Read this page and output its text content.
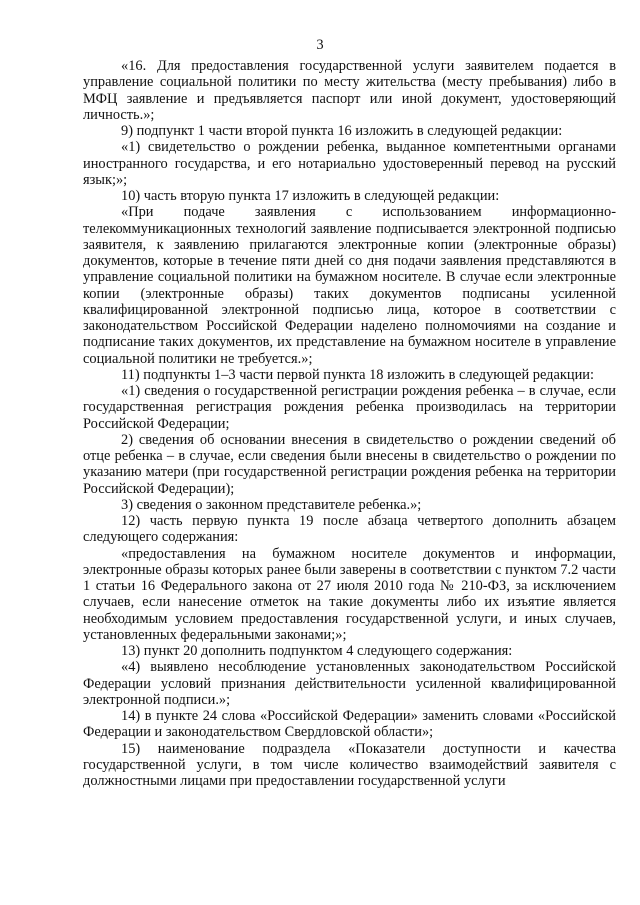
3

«16. Для предоставления государственной услуги заявителем подается в управление социальной политики по месту жительства (месту пребывания) либо в МФЦ заявление и предъявляется паспорт или иной документ, удостоверяющий личность.»;

9) подпункт 1 части второй пункта 16 изложить в следующей редакции:

«1) свидетельство о рождении ребенка, выданное компетентными органами иностранного государства, и его нотариально удостоверенный перевод на русский язык;»;

10) часть вторую пункта 17 изложить в следующей редакции:

«При подаче заявления с использованием информационно-телекоммуникационных технологий заявление подписывается электронной подписью заявителя, к заявлению прилагаются электронные копии (электронные образы) документов, которые в течение пяти дней со дня подачи заявления представляются в управление социальной политики на бумажном носителе. В случае если электронные копии (электронные образы) таких документов подписаны усиленной квалифицированной электронной подписью лица, которое в соответствии с законодательством Российской Федерации наделено полномочиями на создание и подписание таких документов, их представление на бумажном носителе в управление социальной политики не требуется.»;

11) подпункты 1–3 части первой пункта 18 изложить в следующей редакции:

«1) сведения о государственной регистрации рождения ребенка – в случае, если государственная регистрация рождения ребенка производилась на территории Российской Федерации;

2) сведения об основании внесения в свидетельство о рождении сведений об отце ребенка – в случае, если сведения были внесены в свидетельство о рождении по указанию матери (при государственной регистрации рождения ребенка на территории Российской Федерации);

3) сведения о законном представителе ребенка.»;

12) часть первую пункта 19 после абзаца четвертого дополнить абзацем следующего содержания:

«предоставления на бумажном носителе документов и информации, электронные образы которых ранее были заверены в соответствии с пунктом 7.2 части 1 статьи 16 Федерального закона от 27 июля 2010 года № 210-ФЗ, за исключением случаев, если нанесение отметок на такие документы либо их изъятие является необходимым условием предоставления государственной услуги, и иных случаев, установленных федеральными законами;»;

13) пункт 20 дополнить подпунктом 4 следующего содержания:

«4) выявлено несоблюдение установленных законодательством Российской Федерации условий признания действительности усиленной квалифицированной электронной подписи.»;

14) в пункте 24 слова «Российской Федерации» заменить словами «Российской Федерации и законодательством Свердловской области»;

15) наименование подраздела «Показатели доступности и качества государственной услуги, в том числе количество взаимодействий заявителя с должностными лицами при предоставлении государственной услуги
